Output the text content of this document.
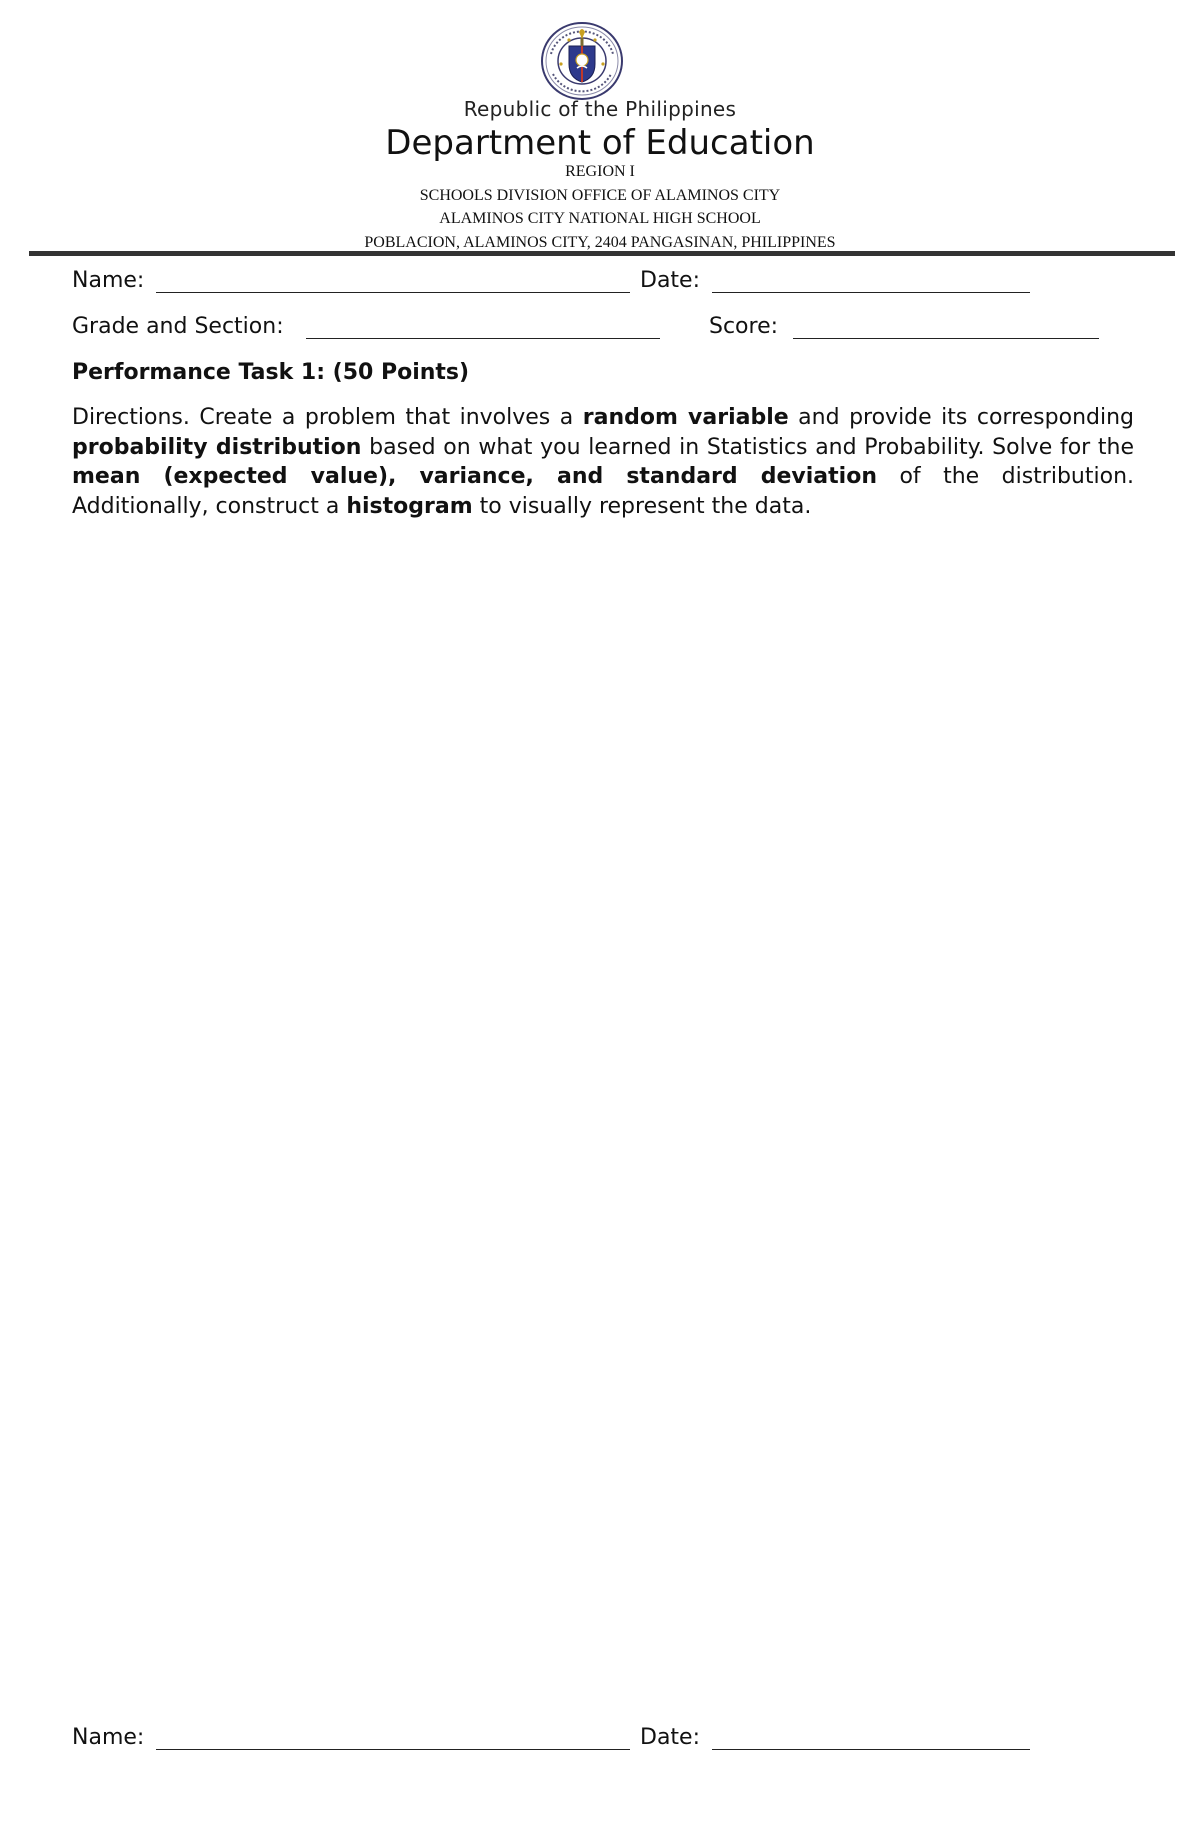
Republic of the Philippines
Department of Education
REGION I
SCHOOLS DIVISION OFFICE OF ALAMINOS CITY
ALAMINOS CITY NATIONAL HIGH SCHOOL
POBLACION, ALAMINOS CITY, 2404 PANGASINAN, PHILIPPINES
Name:	Date:
Grade and Section:	Score:
Performance Task 1: (50 Points)
Directions. Create a problem that involves a random variable and provide its corresponding probability distribution based on what you learned in Statistics and Probability. Solve for the mean (expected value), variance, and standard deviation of the distribution. Additionally, construct a histogram to visually represent the data.
Name:	Date:
